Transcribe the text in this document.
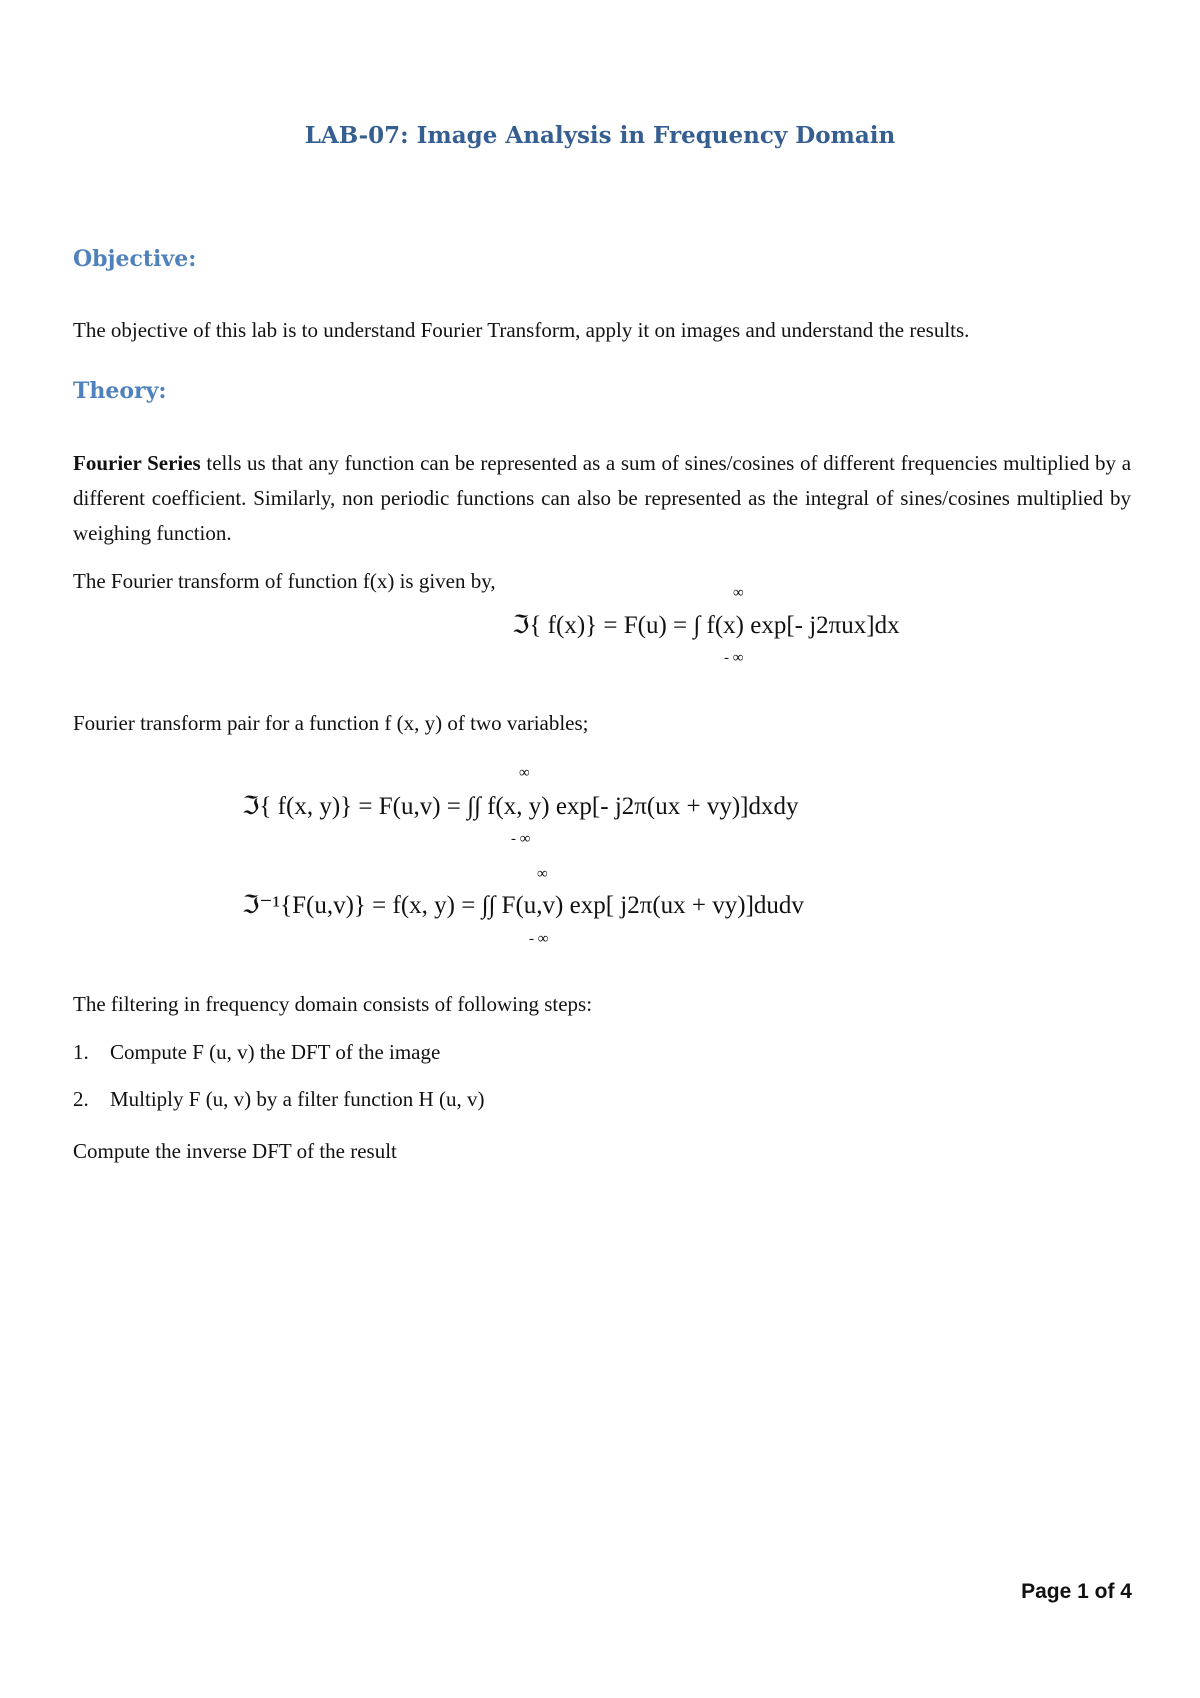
LAB-07: Image Analysis in Frequency Domain
Objective:
The objective of this lab is to understand Fourier Transform, apply it on images and understand the results.
Theory:
Fourier Series tells us that any function can be represented as a sum of sines/cosines of different frequencies multiplied by a different coefficient. Similarly, non periodic functions can also be represented as the integral of sines/cosines multiplied by weighing function.
The Fourier transform of function f(x) is given by,	∞
ℑ{ f(x)} = F(u) = ∫ f(x) exp[- j2πux]dx
- ∞
Fourier transform pair for a function f (x, y) of two variables;
∞
ℑ{ f(x, y)} = F(u,v) = ∫∫ f(x, y) exp[- j2π(ux + vy)]dxdy
- ∞
∞
ℑ⁻¹{F(u,v)} = f(x, y) = ∫∫ F(u,v) exp[ j2π(ux + vy)]dudv
- ∞
The filtering in frequency domain consists of following steps:
1. Compute F (u, v) the DFT of the image
2. Multiply F (u, v) by a filter function H (u, v)
Compute the inverse DFT of the result
Page 1 of 4
